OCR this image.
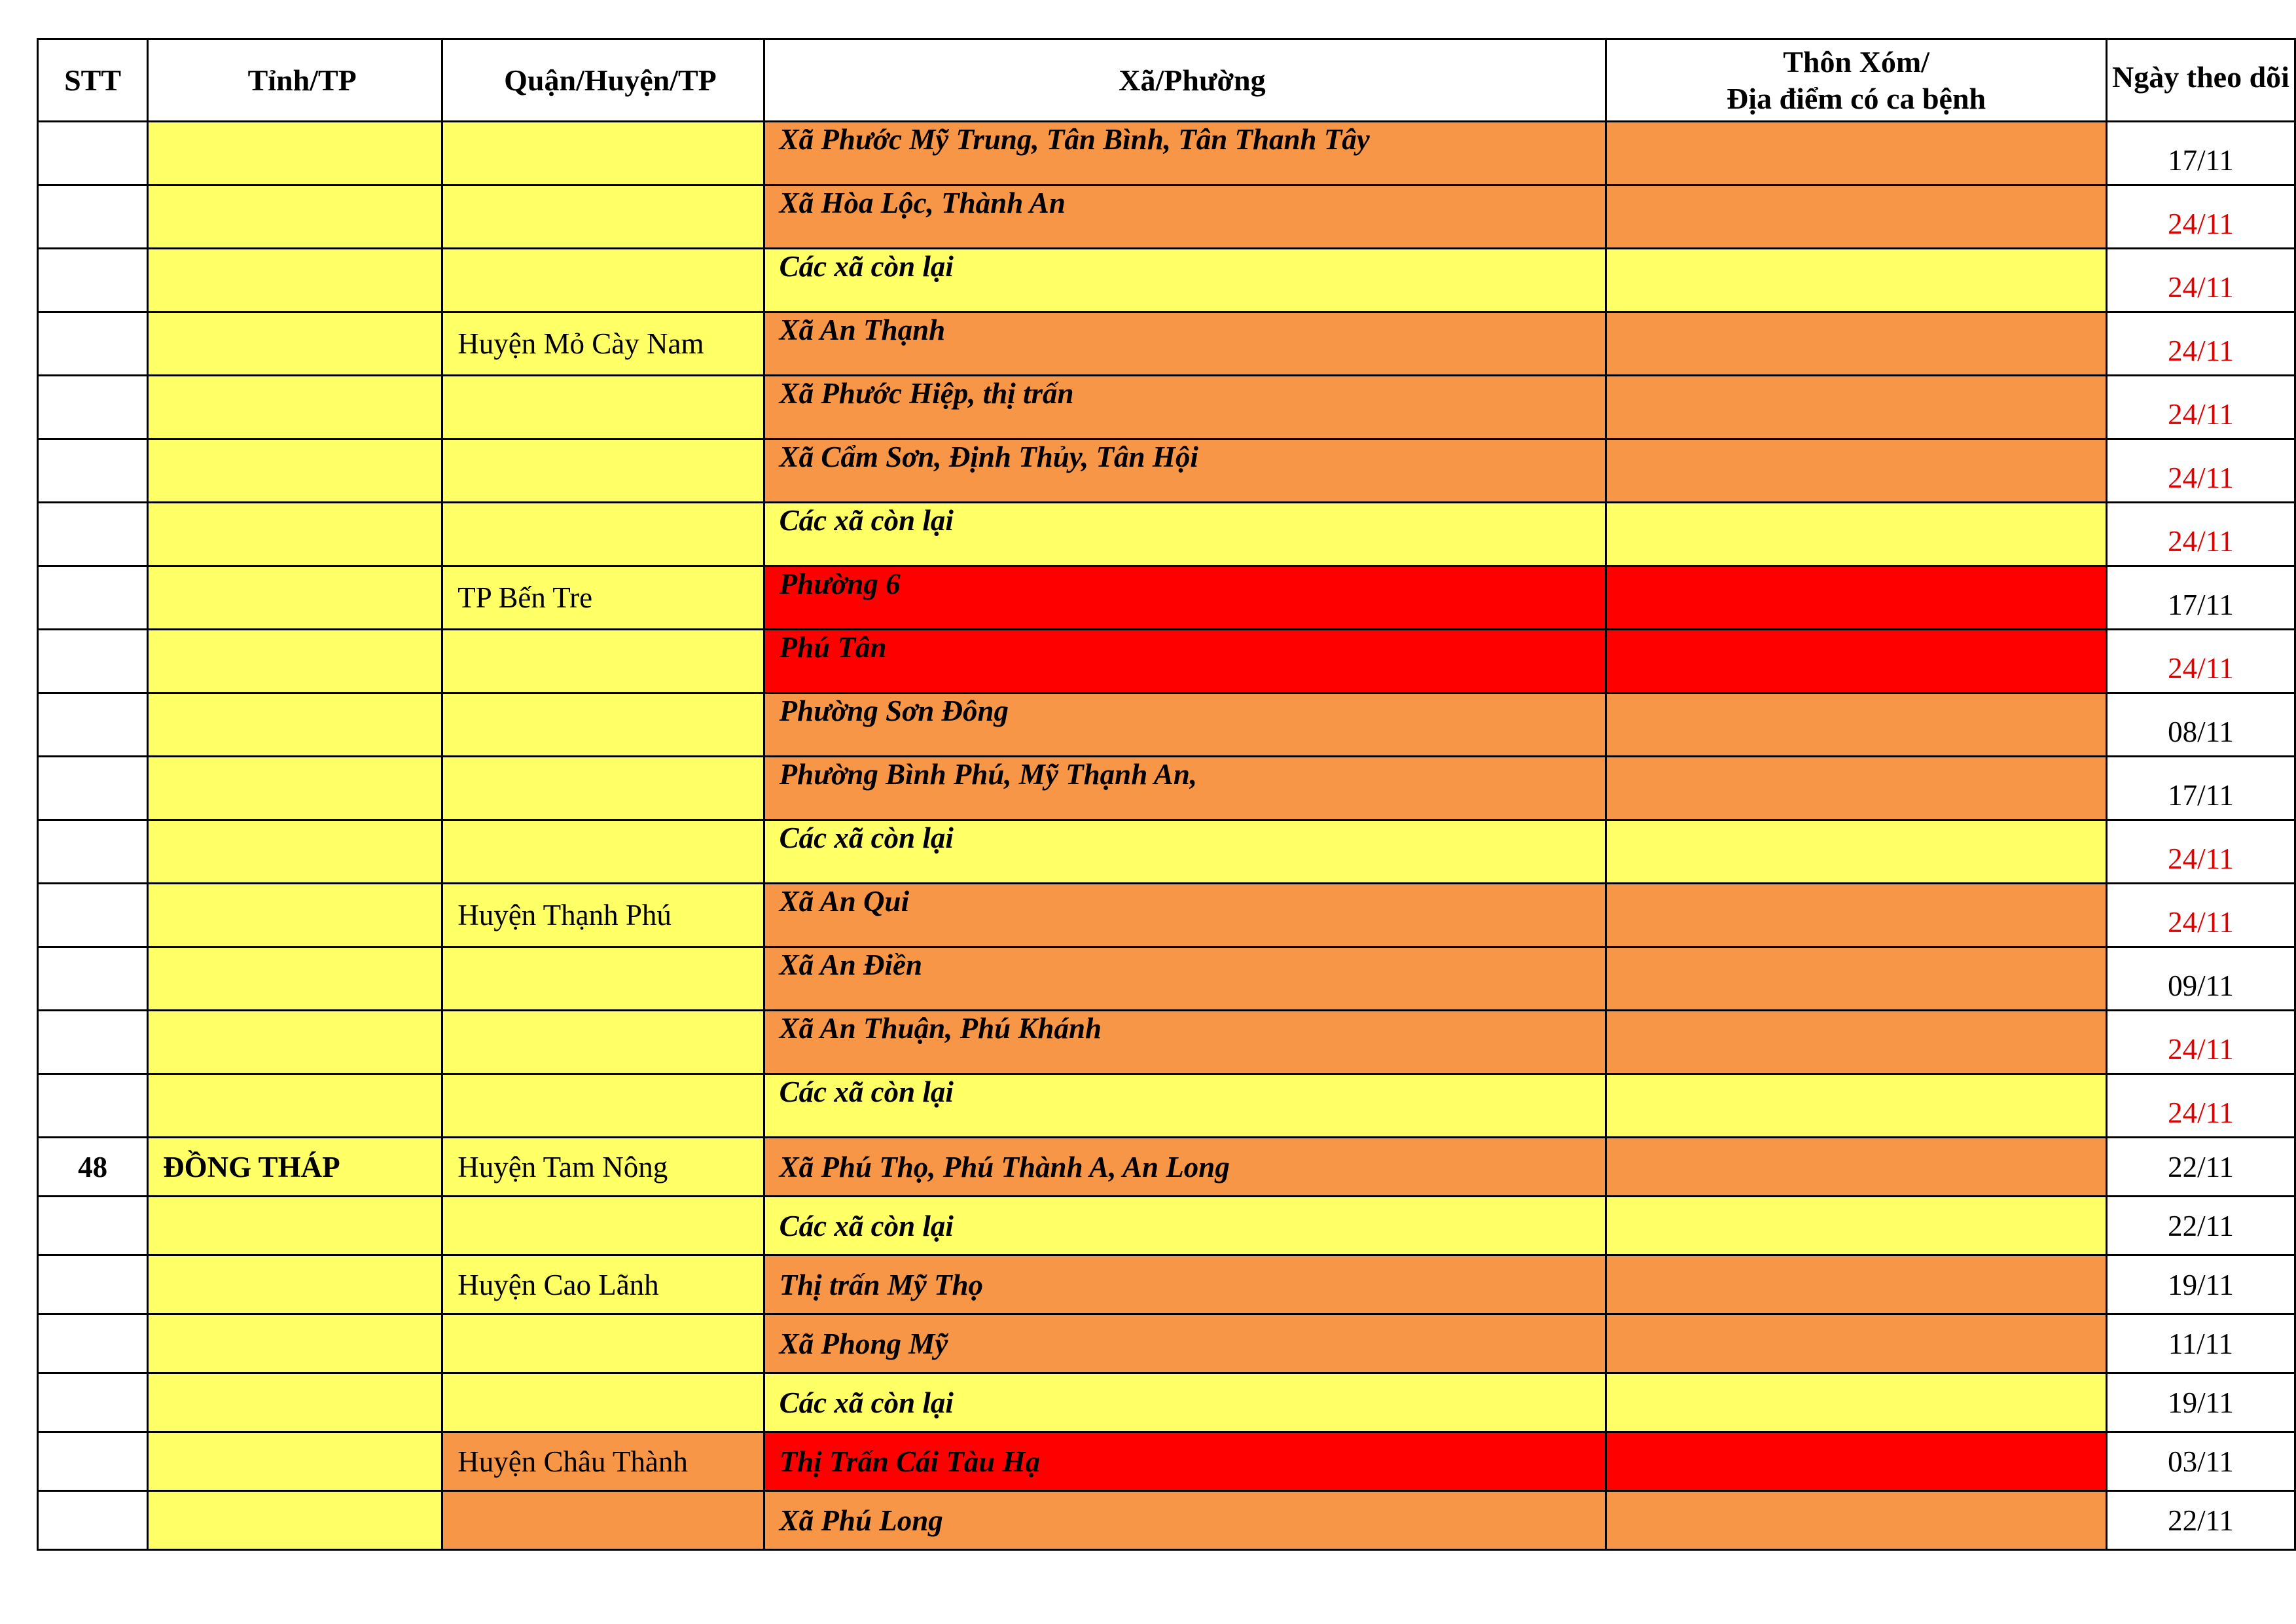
STT	Tỉnh/TP	Quận/Huyện/TP	Xã/Phường	Thôn Xóm/
Địa điểm có ca bệnh	Ngày theo dõi
			Xã Phước Mỹ Trung, Tân Bình, Tân Thanh Tây		17/11
			Xã Hòa Lộc, Thành An		24/11
			Các xã còn lại		24/11
		Huyện Mỏ Cày Nam	Xã An Thạnh		24/11
			Xã Phước Hiệp, thị trấn		24/11
			Xã Cẩm Sơn, Định Thủy, Tân Hội		24/11
			Các xã còn lại		24/11
		TP Bến Tre	Phường 6		17/11
			Phú Tân		24/11
			Phường Sơn Đông		08/11
			Phường Bình Phú, Mỹ Thạnh An,		17/11
			Các xã còn lại		24/11
		Huyện Thạnh Phú	Xã An Qui		24/11
			Xã An Điền		09/11
			Xã An Thuận, Phú Khánh		24/11
			Các xã còn lại		24/11
48	ĐỒNG THÁP	Huyện Tam Nông	Xã Phú Thọ, Phú Thành A, An Long		22/11
			Các xã còn lại		22/11
		Huyện Cao Lãnh	Thị trấn Mỹ Thọ		19/11
			Xã Phong Mỹ		11/11
			Các xã còn lại		19/11
		Huyện Châu Thành	Thị Trấn Cái Tàu Hạ		03/11
			Xã Phú Long		22/11
